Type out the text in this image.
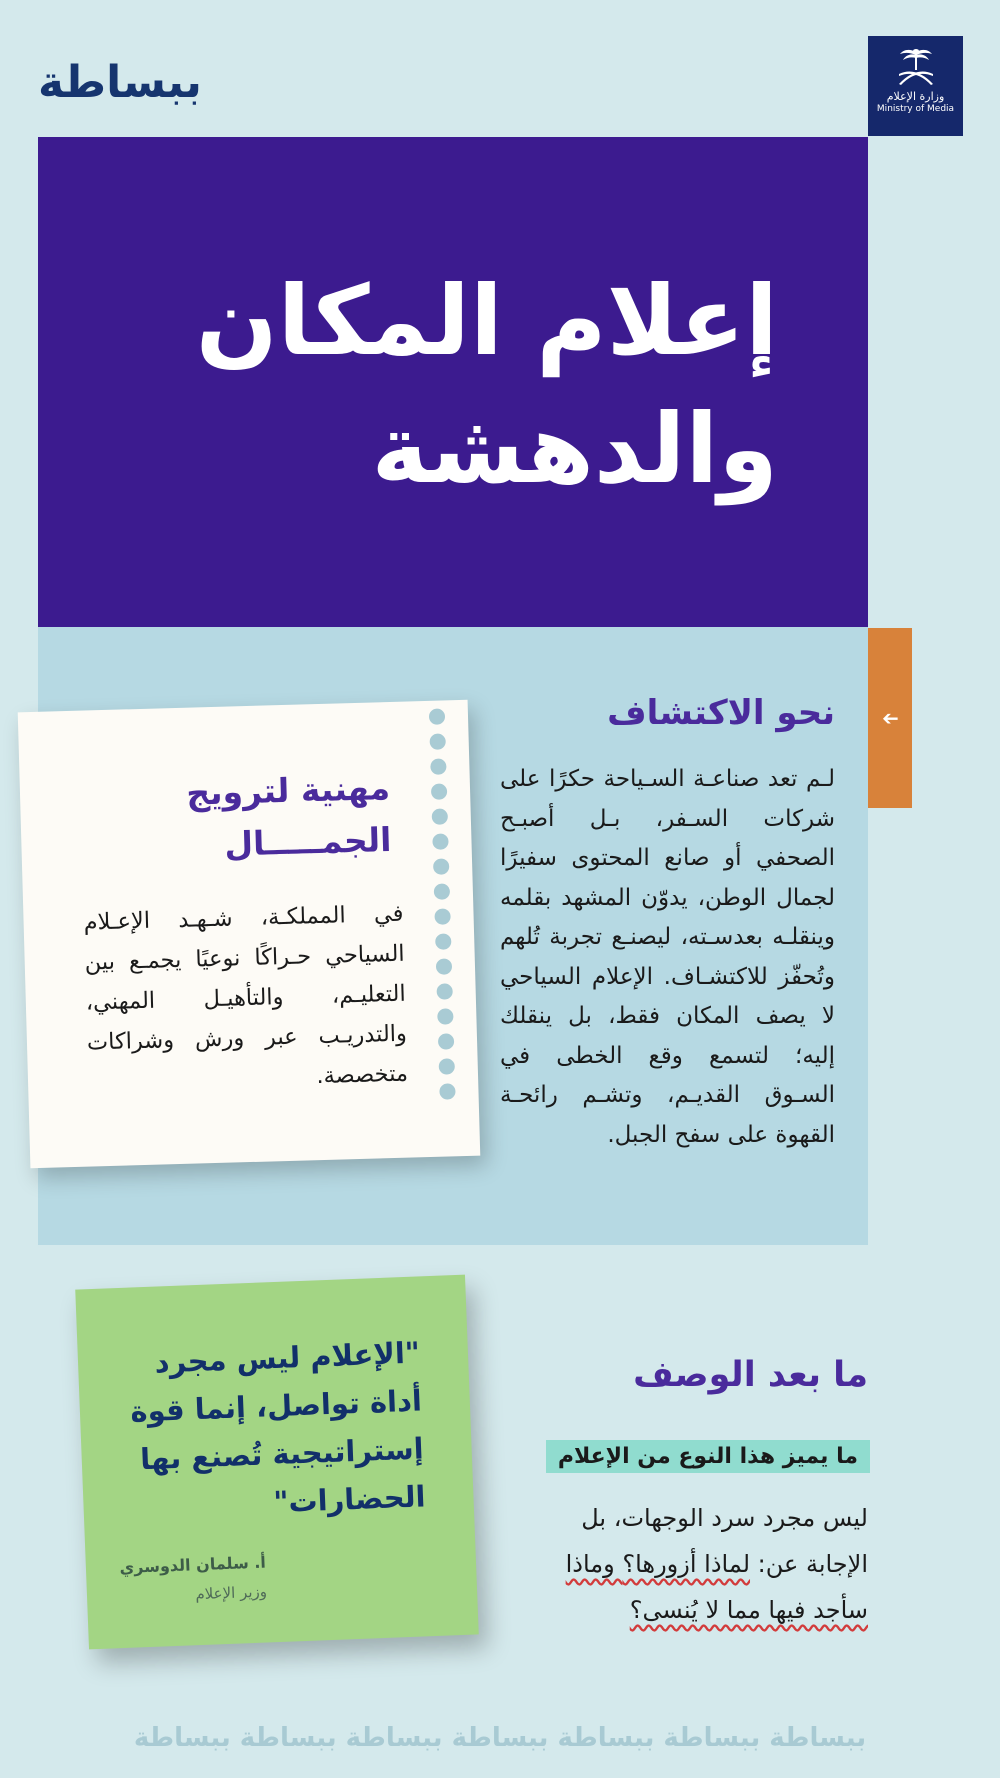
ببساطة	وزارة الإعلام
Ministry of Media
إعلام المكان
والدهشة
➔
نحو الاكتشاف
لـم تعد صناعـة السـياحة حكرًا على شركات السـفر، بـل أصبـح الصحفي أو صانع المحتوى سفيرًا لجمال الوطن، يدوّن المشهد بقلمه وينقلـه بعدسـته، ليصنـع تجربة تُلهم وتُحفّز للاكتشـاف. الإعلام السياحي لا يصف المكان فقط، بل ينقلك إليه؛ لتسمع وقع الخطى في السـوق القديـم، وتشـم رائحـة القهوة على سفح الجبل.
مهنية لترويج
الجمـــــال
في المملكـة، شـهـد الإعـلام السياحي حـراكًا نوعيًا يجمـع بين التعليـم، والتأهيـل المهني، والتدريـب عبر ورش وشراكات متخصصة.
ما بعد الوصف
ما يميز هذا النوع من الإعلام
ليس مجرد سرد الوجهات، بل
الإجابة عن: لماذا أزورها؟ وماذا
سأجد فيها مما لا يُنسى؟
"الإعلام ليس مجرد أداة تواصل، إنما قوة إستراتيجية تُصنع بها الحضارات"
أ. سلمان الدوسري
وزير الإعلام
ببساطة ببساطة ببساطة ببساطة ببساطة ببساطة ببساطة
